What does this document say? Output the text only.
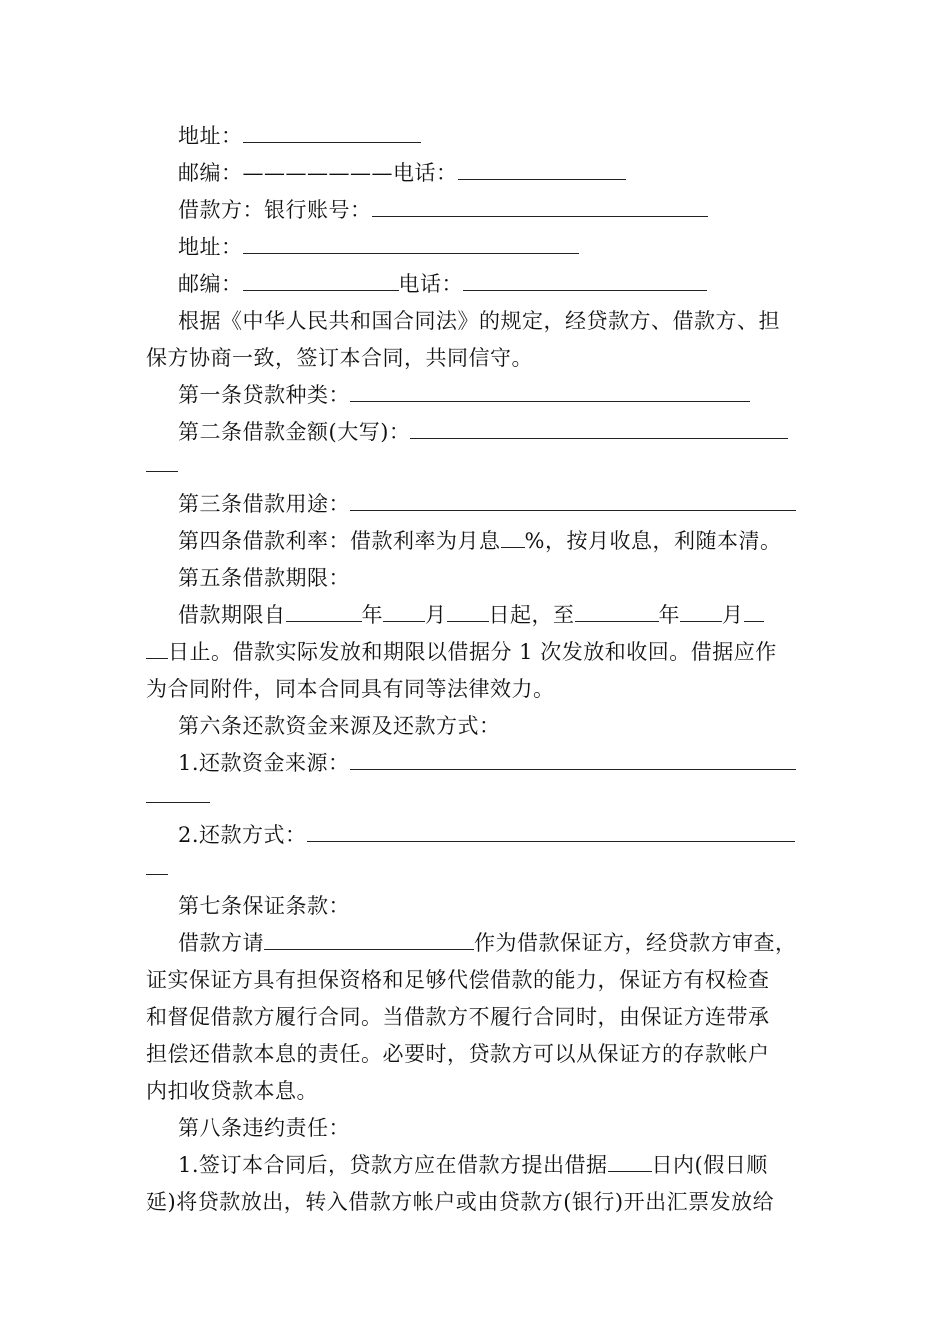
地址：
邮编：———————电话：
借款方：银行账号：
地址：
邮编：	电话：
根据《中华人民共和国合同法》的规定，经贷款方、借款方、担
保方协商一致，签订本合同，共同信守。
第一条贷款种类：
第二条借款金额(大写)：
第三条借款用途：
第四条借款利率：借款利率为月息 %，按月收息，利随本清。
第五条借款期限：
借款期限自	年 月 日起，至	年 月
日止。借款实际发放和期限以借据分 1 次发放和收回。借据应作
为合同附件，同本合同具有同等法律效力。
第六条还款资金来源及还款方式：
1.还款资金来源：
2.还款方式：
第七条保证条款：
借款方请	作为借款保证方，经贷款方审查，
证实保证方具有担保资格和足够代偿借款的能力，保证方有权检查
和督促借款方履行合同。当借款方不履行合同时，由保证方连带承
担偿还借款本息的责任。必要时，贷款方可以从保证方的存款帐户
内扣收贷款本息。
第八条违约责任：
1.签订本合同后，贷款方应在借款方提出借据 日内(假日顺
延)将贷款放出，转入借款方帐户或由贷款方(银行)开出汇票发放给
